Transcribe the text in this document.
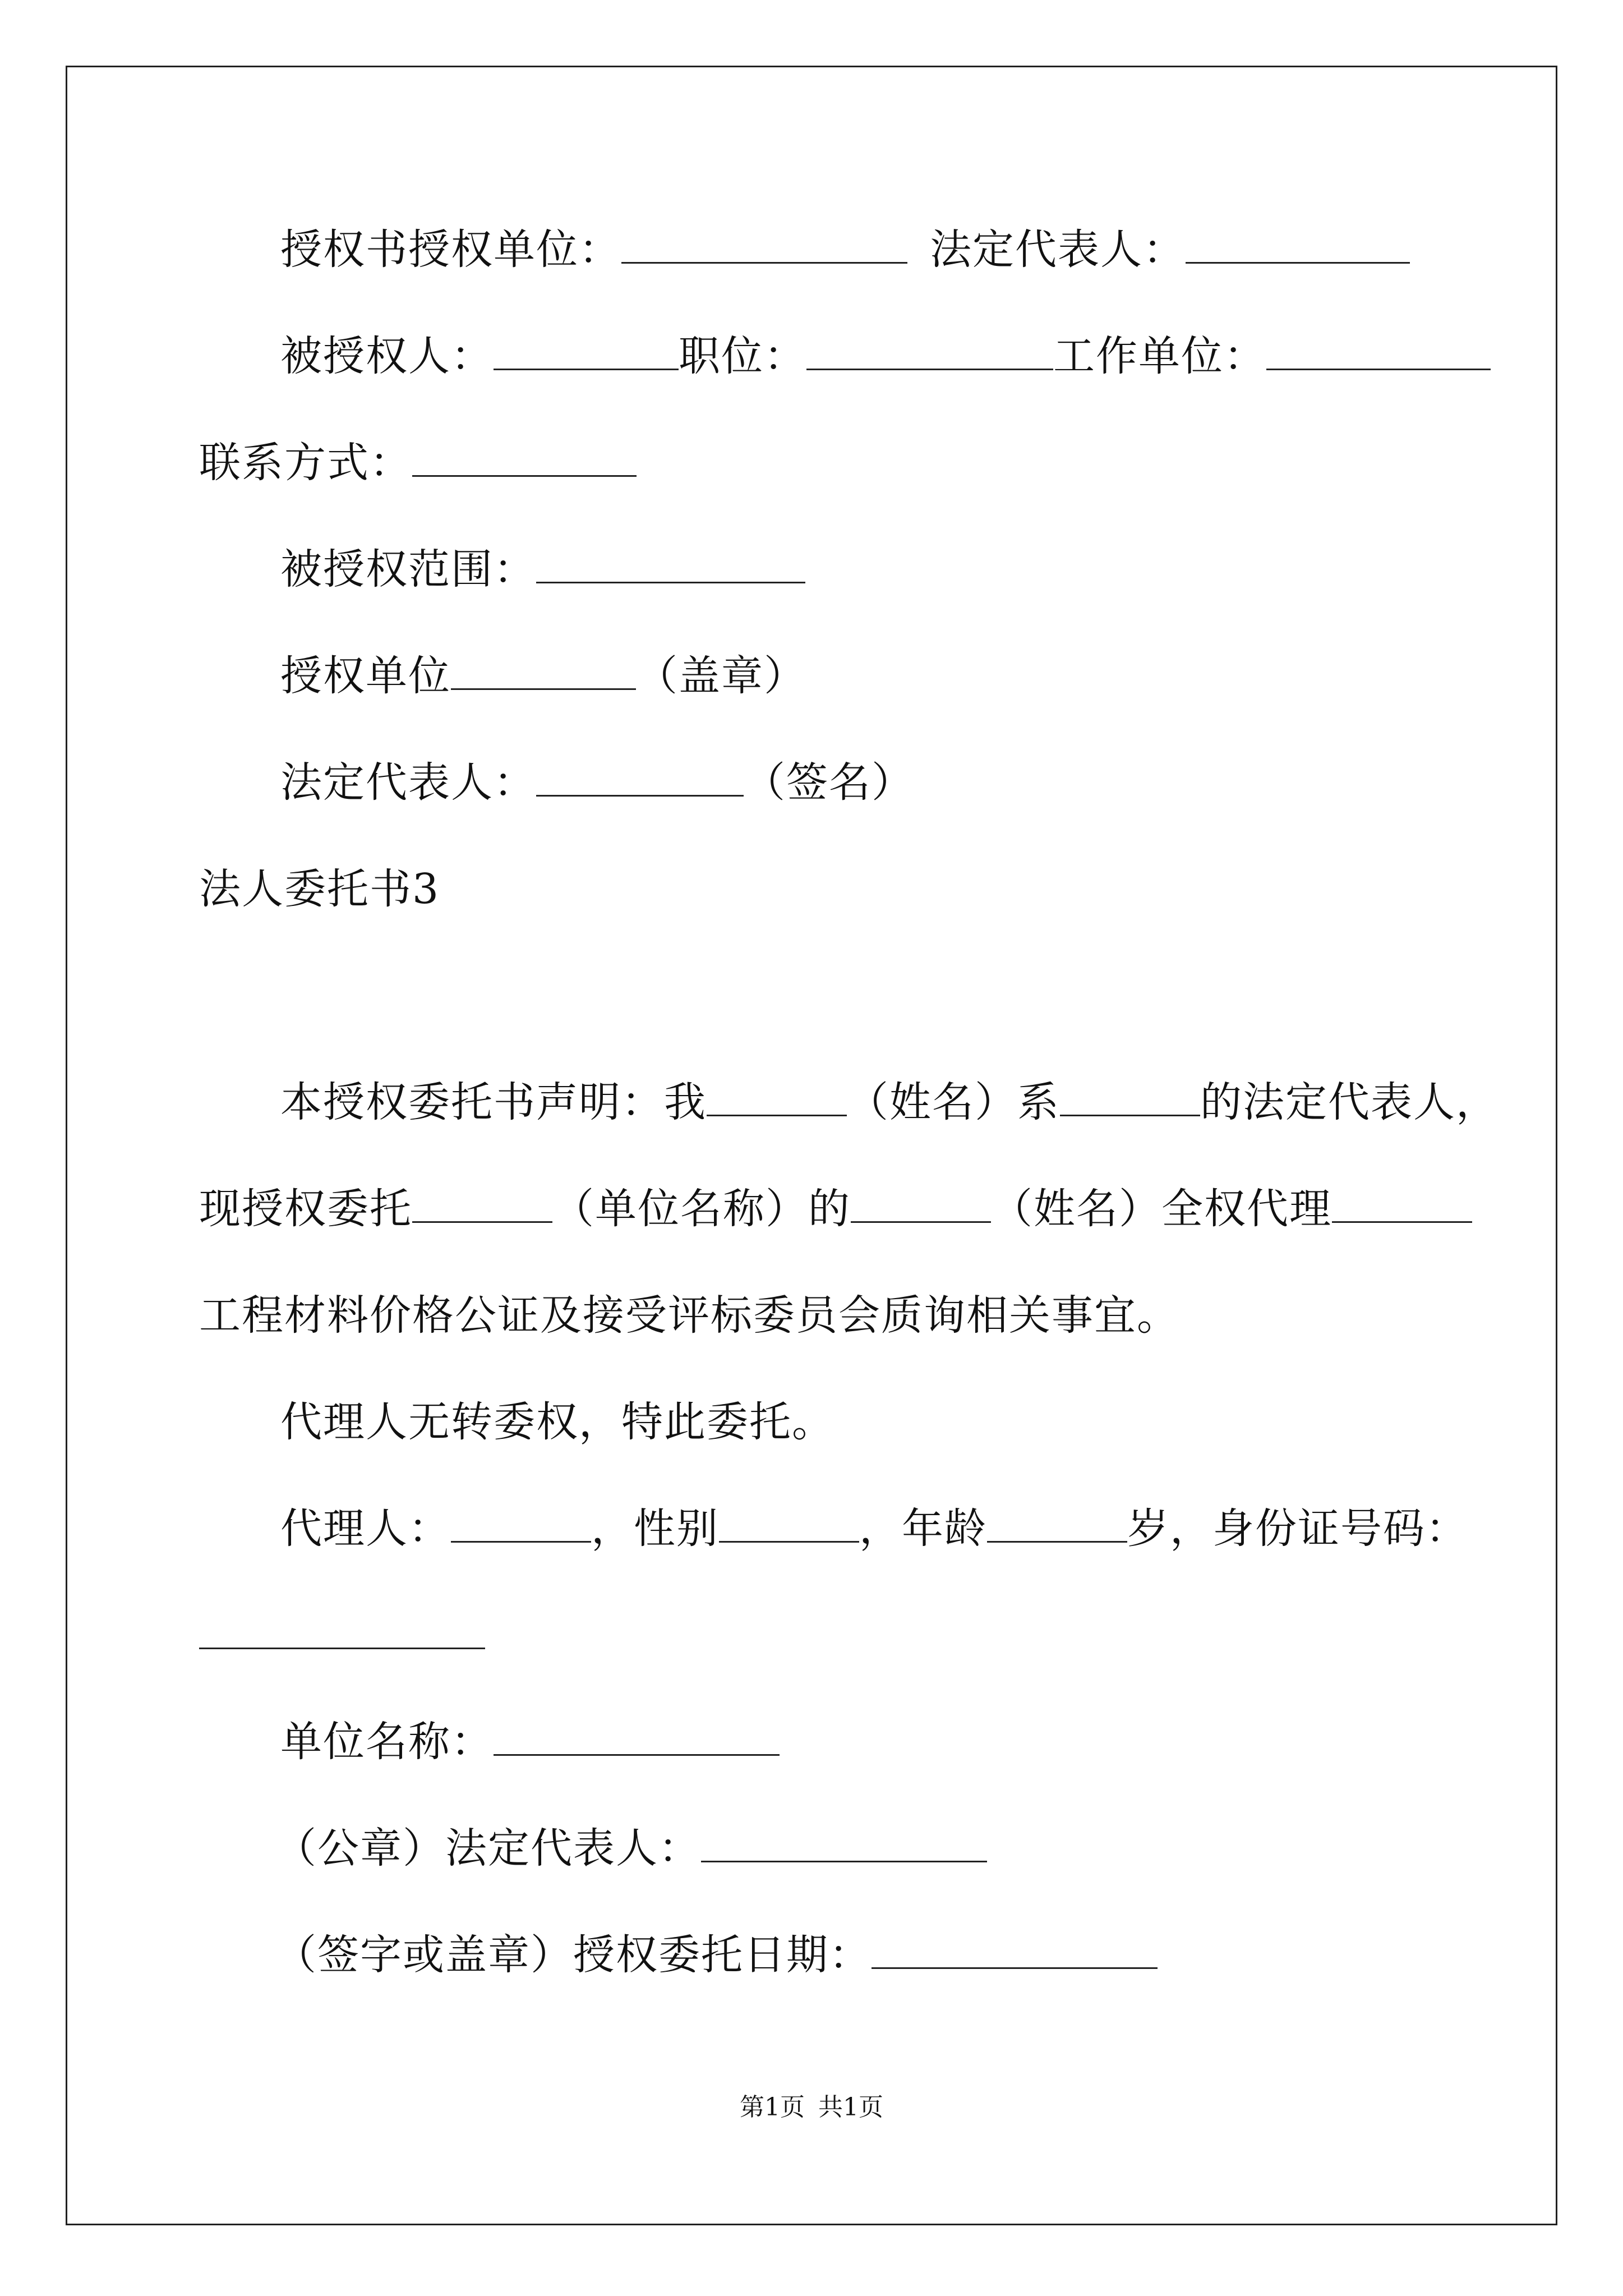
授权书授权单位：	法定代表人：
被授权人：	职位：	工作单位：
联系方式：
被授权范围：
授权单位	（盖章）
法定代表人：	（签名）
法人委托书3
本授权委托书声明：我	（姓名）系	的法定代表人，
现授权委托	（单位名称）的	（姓名）全权代理
工程材料价格公证及接受评标委员会质询相关事宜。
代理人无转委权，特此委托。
代理人：	，性别	，年龄	岁，身份证号码：
单位名称：
（公章）法定代表人：
（签字或盖章）授权委托日期：
第1页 共1页
